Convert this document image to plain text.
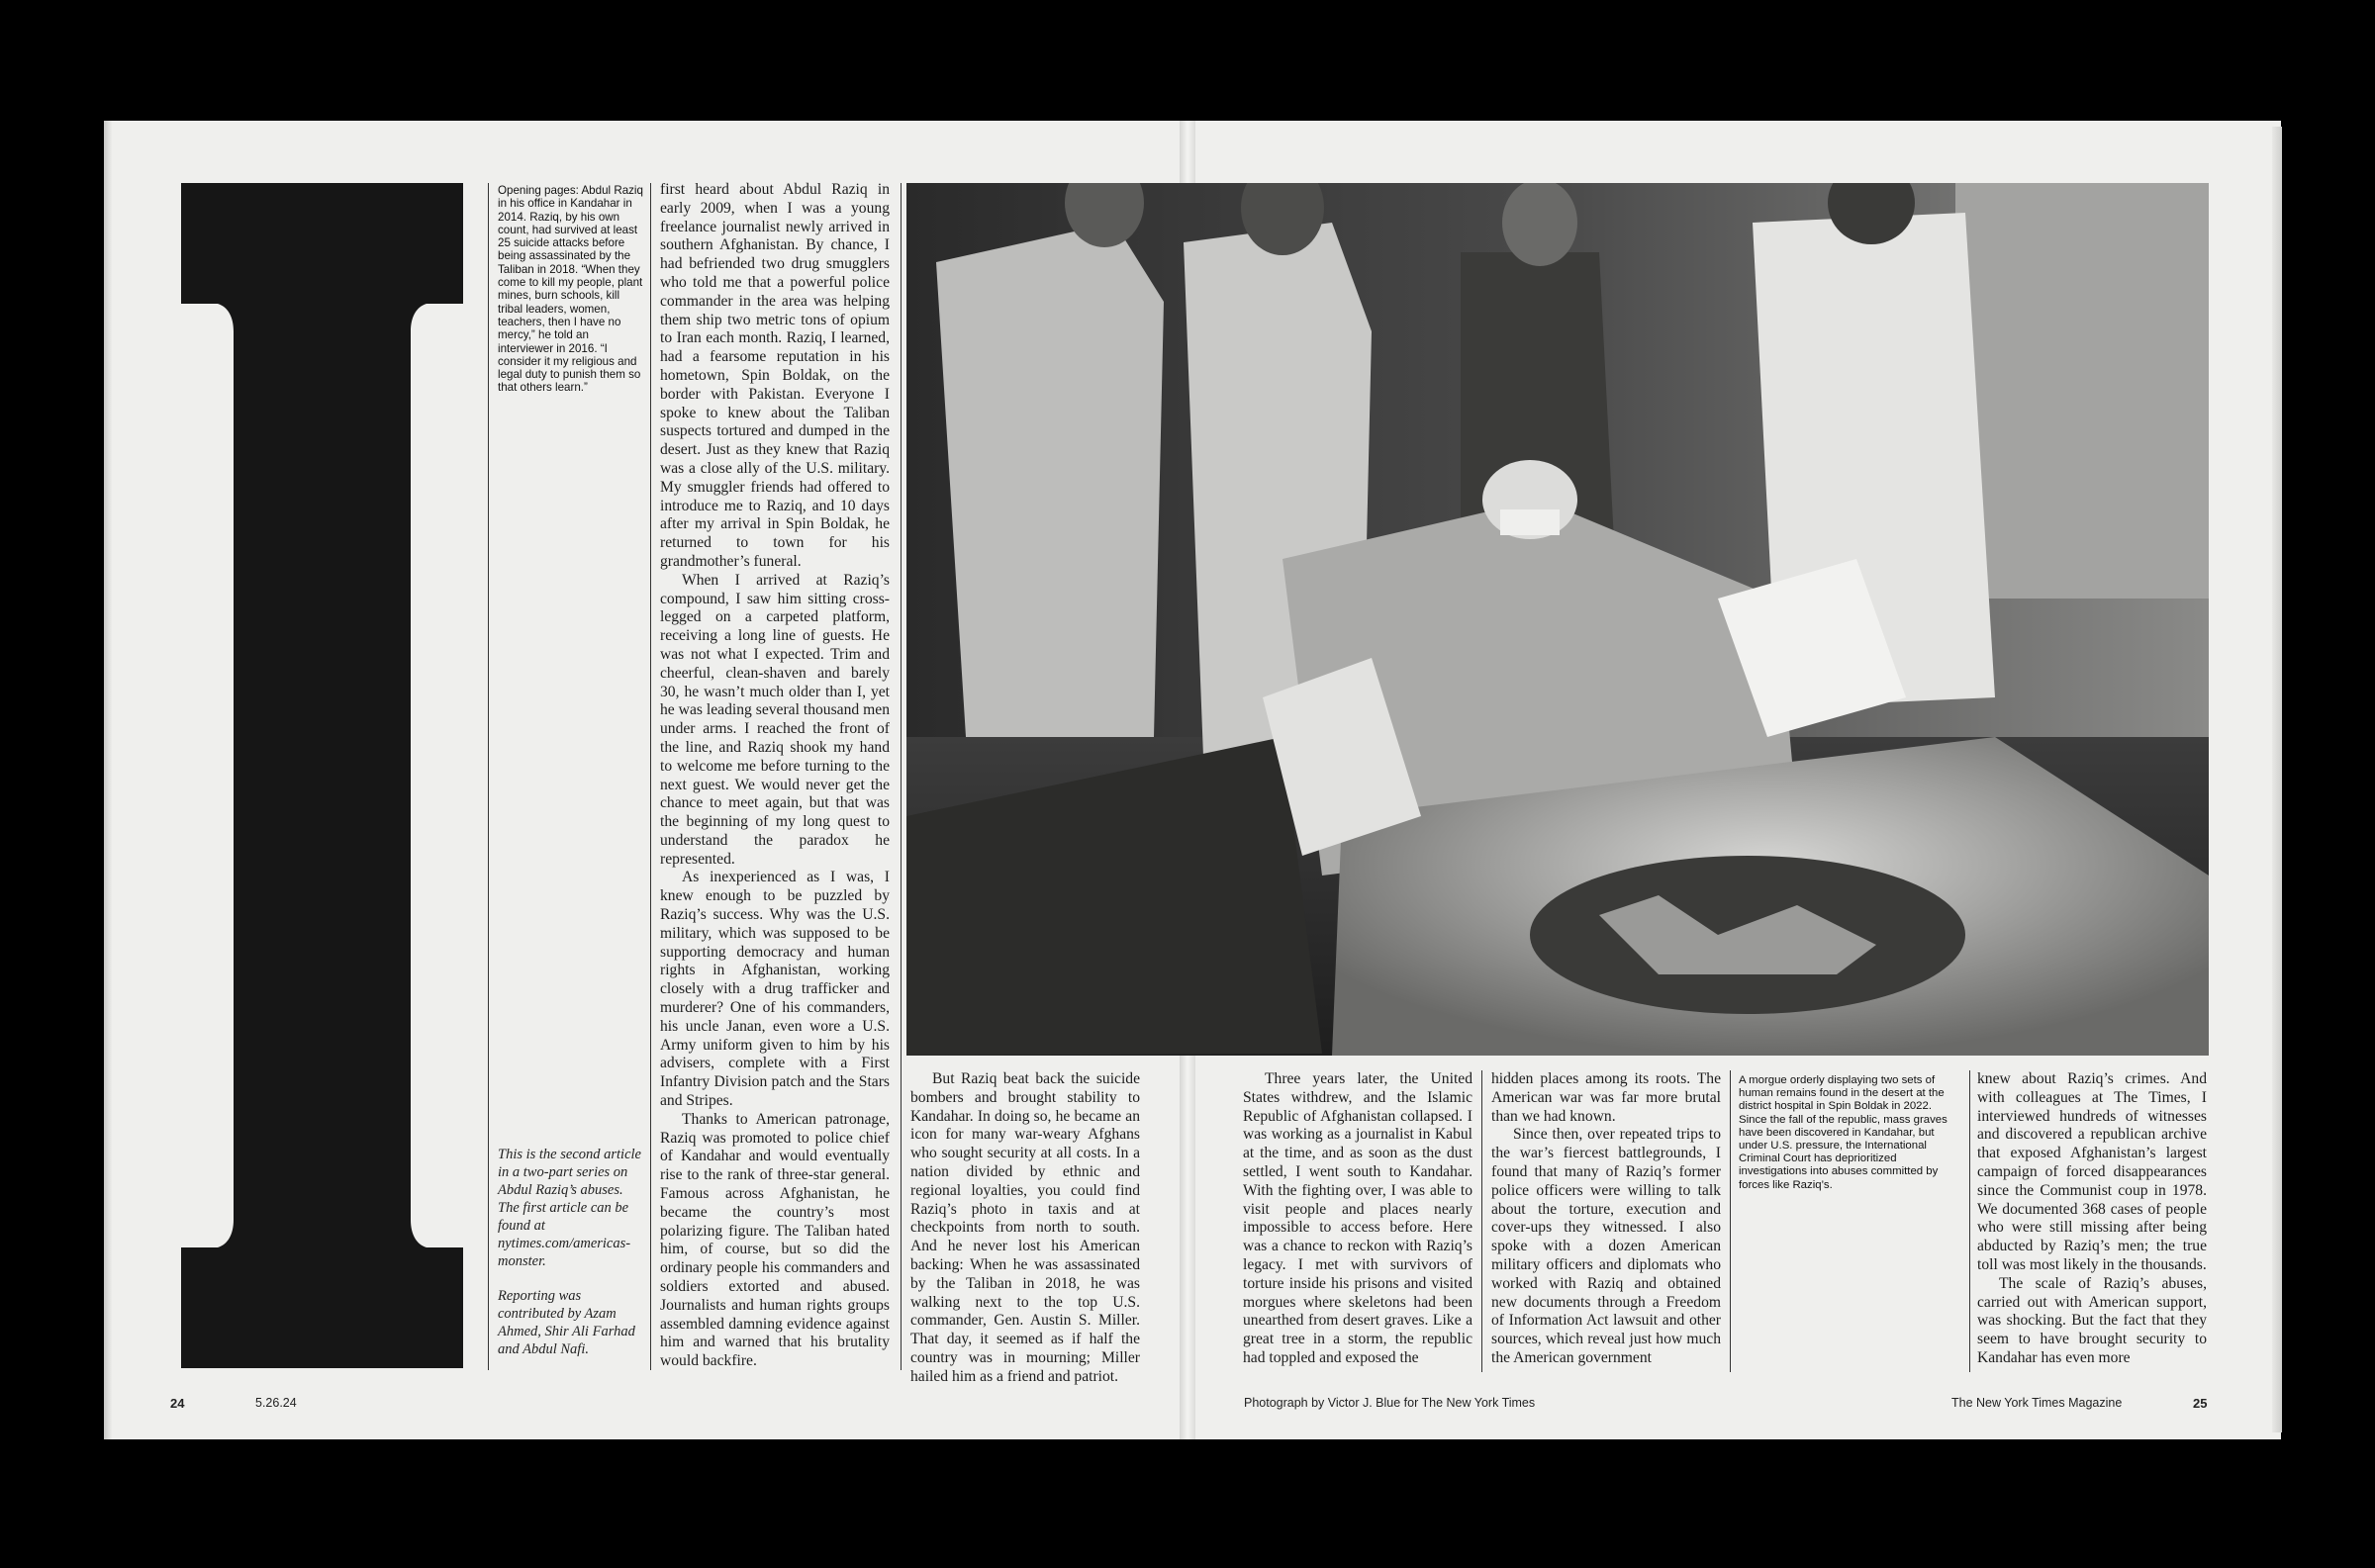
Opening pages: Abdul Raziq in his office in Kandahar in 2014. Raziq, by his own count, had survived at least 25 suicide attacks before being assassinated by the Taliban in 2018. “When they come to kill my people, plant mines, burn schools, kill tribal leaders, women, teachers, then I have no mercy,” he told an interviewer in 2016. “I consider it my religious and legal duty to punish them so that others learn.”

This is the second article in a two-part series on Abdul Raziq’s abuses. The first article can be found at nytimes.com/americas-monster.

Reporting was contributed by Azam Ahmed, Shir Ali Farhad and Abdul Nafi.

first heard about Abdul Raziq in early 2009, when I was a young freelance journalist newly arrived in southern Afghanistan. By chance, I had befriended two drug smugglers who told me that a powerful police commander in the area was helping them ship two metric tons of opium to Iran each month. Raziq, I learned, had a fearsome reputation in his hometown, Spin Boldak, on the border with Pakistan. Everyone I spoke to knew about the Taliban suspects tortured and dumped in the desert. Just as they knew that Raziq was a close ally of the U.S. military. My smuggler friends had offered to introduce me to Raziq, and 10 days after my arrival in Spin Boldak, he returned to town for his grandmother’s funeral.

When I arrived at Raziq’s compound, I saw him sitting cross-legged on a carpeted platform, receiving a long line of guests. He was not what I expected. Trim and cheerful, clean-shaven and barely 30, he wasn’t much older than I, yet he was leading several thousand men under arms. I reached the front of the line, and Raziq shook my hand to welcome me before turning to the next guest. We would never get the chance to meet again, but that was the beginning of my long quest to understand the paradox he represented.

As inexperienced as I was, I knew enough to be puzzled by Raziq’s success. Why was the U.S. military, which was supposed to be supporting democracy and human rights in Afghanistan, working closely with a drug trafficker and murderer? One of his commanders, his uncle Janan, even wore a U.S. Army uniform given to him by his advisers, complete with a First Infantry Division patch and the Stars and Stripes.

Thanks to American patronage, Raziq was promoted to police chief of Kandahar and would eventually rise to the rank of three-star general. Famous across Afghanistan, he became the country’s most polarizing figure. The Taliban hated him, of course, but so did the ordinary people his commanders and soldiers extorted and abused. Journalists and human rights groups assembled damning evidence against him and warned that his brutality would backfire.

But Raziq beat back the suicide bombers and brought stability to Kandahar. In doing so, he became an icon for many war-weary Afghans who sought security at all costs. In a nation divided by ethnic and regional loyalties, you could find Raziq’s photo in taxis and at checkpoints from north to south. And he never lost his American backing: When he was assassinated by the Taliban in 2018, he was walking next to the top U.S. commander, Gen. Austin S. Miller. That day, it seemed as if half the country was in mourning; Miller hailed him as a friend and patriot.

Three years later, the United States withdrew, and the Islamic Republic of Afghanistan collapsed. I was working as a journalist in Kabul at the time, and as soon as the dust settled, I went south to Kandahar. With the fighting over, I was able to visit people and places nearly impossible to access before. Here was a chance to reckon with Raziq’s legacy. I met with survivors of torture inside his prisons and visited morgues where skeletons had been unearthed from desert graves. Like a great tree in a storm, the republic had toppled and exposed the

hidden places among its roots. The American war was far more brutal than we had known.

Since then, over repeated trips to the war’s fiercest battlegrounds, I found that many of Raziq’s former police officers were willing to talk about the torture, execution and cover-ups they witnessed. I also spoke with a dozen American military officers and diplomats who worked with Raziq and obtained new documents through a Freedom of Information Act lawsuit and other sources, which reveal just how much the American government

A morgue orderly displaying two sets of human remains found in the desert at the district hospital in Spin Boldak in 2022. Since the fall of the republic, mass graves have been discovered in Kandahar, but under U.S. pressure, the International Criminal Court has deprioritized investigations into abuses committed by forces like Raziq’s.

knew about Raziq’s crimes. And with colleagues at The Times, I interviewed hundreds of witnesses and discovered a republican archive that exposed Afghanistan’s largest campaign of forced disappearances since the Communist coup in 1978. We documented 368 cases of people who were still missing after being abducted by Raziq’s men; the true toll was most likely in the thousands.

The scale of Raziq’s abuses, carried out with American support, was shocking. But the fact that they seem to have brought security to Kandahar has even more

24	5.26.24	Photograph by Victor J. Blue for The New York Times	The New York Times Magazine	25
